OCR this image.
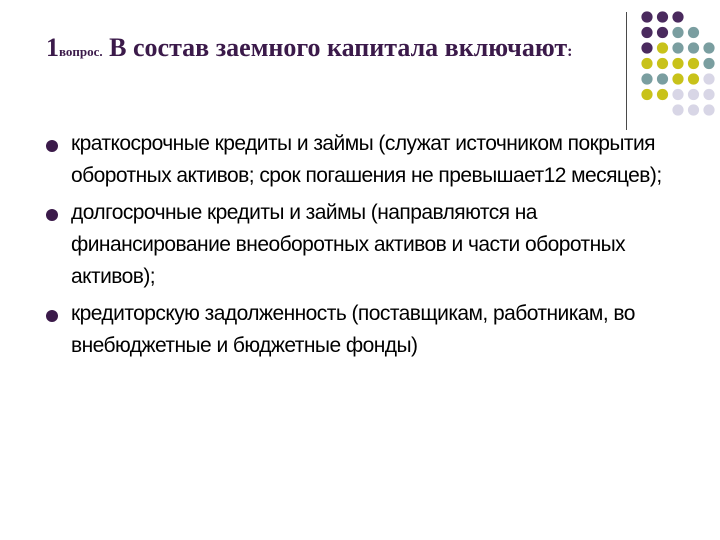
1вопрос. В состав заемного капитала включают:
краткосрочные кредиты и займы (служат источником покрытия оборотных активов; срок погашения не превышает12 месяцев);
долгосрочные кредиты и займы (направляются на финансирование внеоборотных активов и части оборотных активов);
кредиторскую задолженность (поставщикам, работникам, во внебюджетные и бюджетные фонды)
